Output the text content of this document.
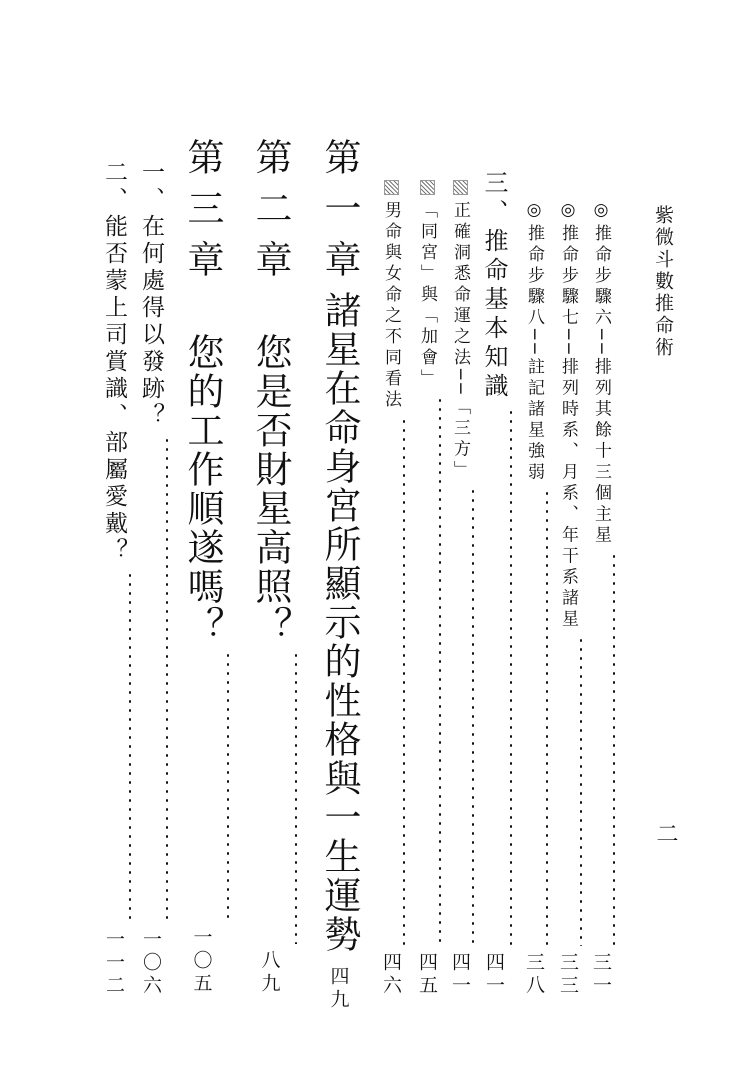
紫微斗數推命術
二
◎推命步驟六──排列其餘十三個主星
三一
◎推命步驟七──排列時系、月系、年干系諸星
三三
◎推命步驟八──註記諸星強弱
三八
三、推命基本知識
四一
正確洞悉命運之法──「三方」
四一
「同宮」與「加會」
四五
男命與女命之不同看法
四六
第一章
諸星在命身宮所顯示的性格與一生運勢
四九
第二章
您是否財星高照？
八九
第三章
您的工作順遂嗎？
一〇五
一、在何處得以發跡？
一〇六
二、能否蒙上司賞識、部屬愛戴？
一一二
